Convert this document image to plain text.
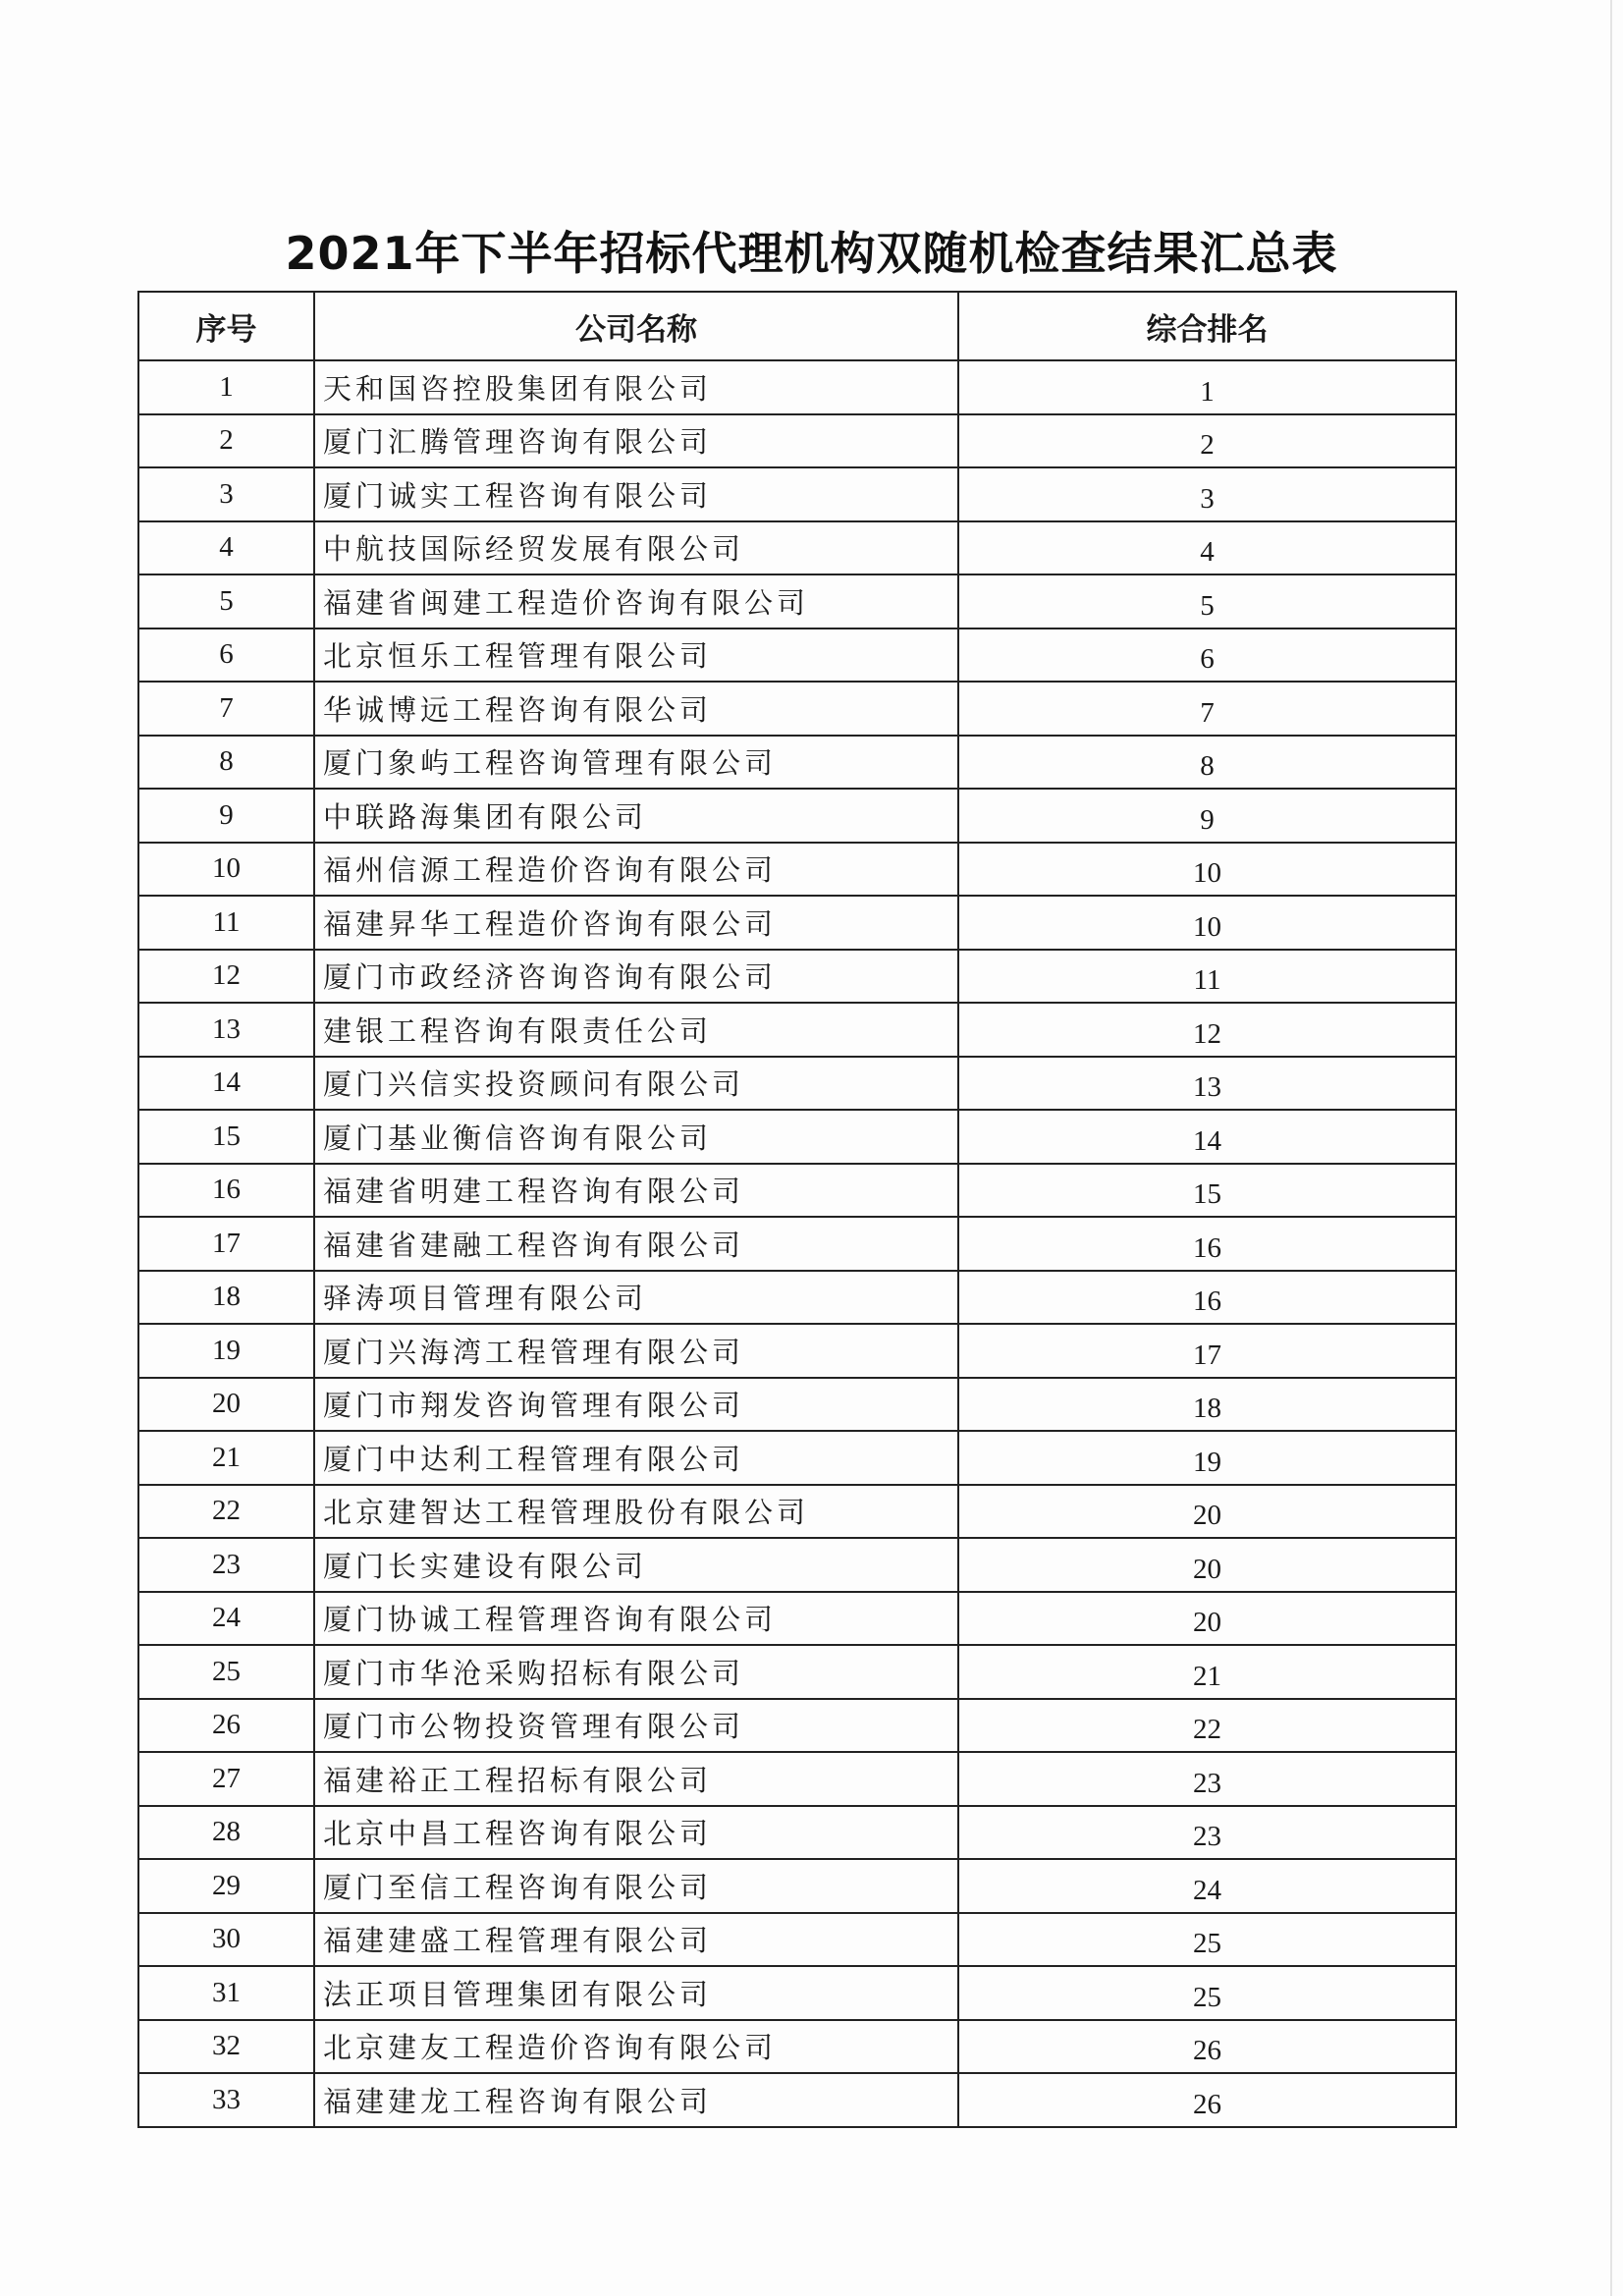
2021年下半年招标代理机构双随机检查结果汇总表
序号	公司名称	综合排名
1	天和国咨控股集团有限公司	1
2	厦门汇腾管理咨询有限公司	2
3	厦门诚实工程咨询有限公司	3
4	中航技国际经贸发展有限公司	4
5	福建省闽建工程造价咨询有限公司	5
6	北京恒乐工程管理有限公司	6
7	华诚博远工程咨询有限公司	7
8	厦门象屿工程咨询管理有限公司	8
9	中联路海集团有限公司	9
10	福州信源工程造价咨询有限公司	10
11	福建昇华工程造价咨询有限公司	10
12	厦门市政经济咨询咨询有限公司	11
13	建银工程咨询有限责任公司	12
14	厦门兴信实投资顾问有限公司	13
15	厦门基业衡信咨询有限公司	14
16	福建省明建工程咨询有限公司	15
17	福建省建融工程咨询有限公司	16
18	驿涛项目管理有限公司	16
19	厦门兴海湾工程管理有限公司	17
20	厦门市翔发咨询管理有限公司	18
21	厦门中达利工程管理有限公司	19
22	北京建智达工程管理股份有限公司	20
23	厦门长实建设有限公司	20
24	厦门协诚工程管理咨询有限公司	20
25	厦门市华沧采购招标有限公司	21
26	厦门市公物投资管理有限公司	22
27	福建裕正工程招标有限公司	23
28	北京中昌工程咨询有限公司	23
29	厦门至信工程咨询有限公司	24
30	福建建盛工程管理有限公司	25
31	法正项目管理集团有限公司	25
32	北京建友工程造价咨询有限公司	26
33	福建建龙工程咨询有限公司	26
